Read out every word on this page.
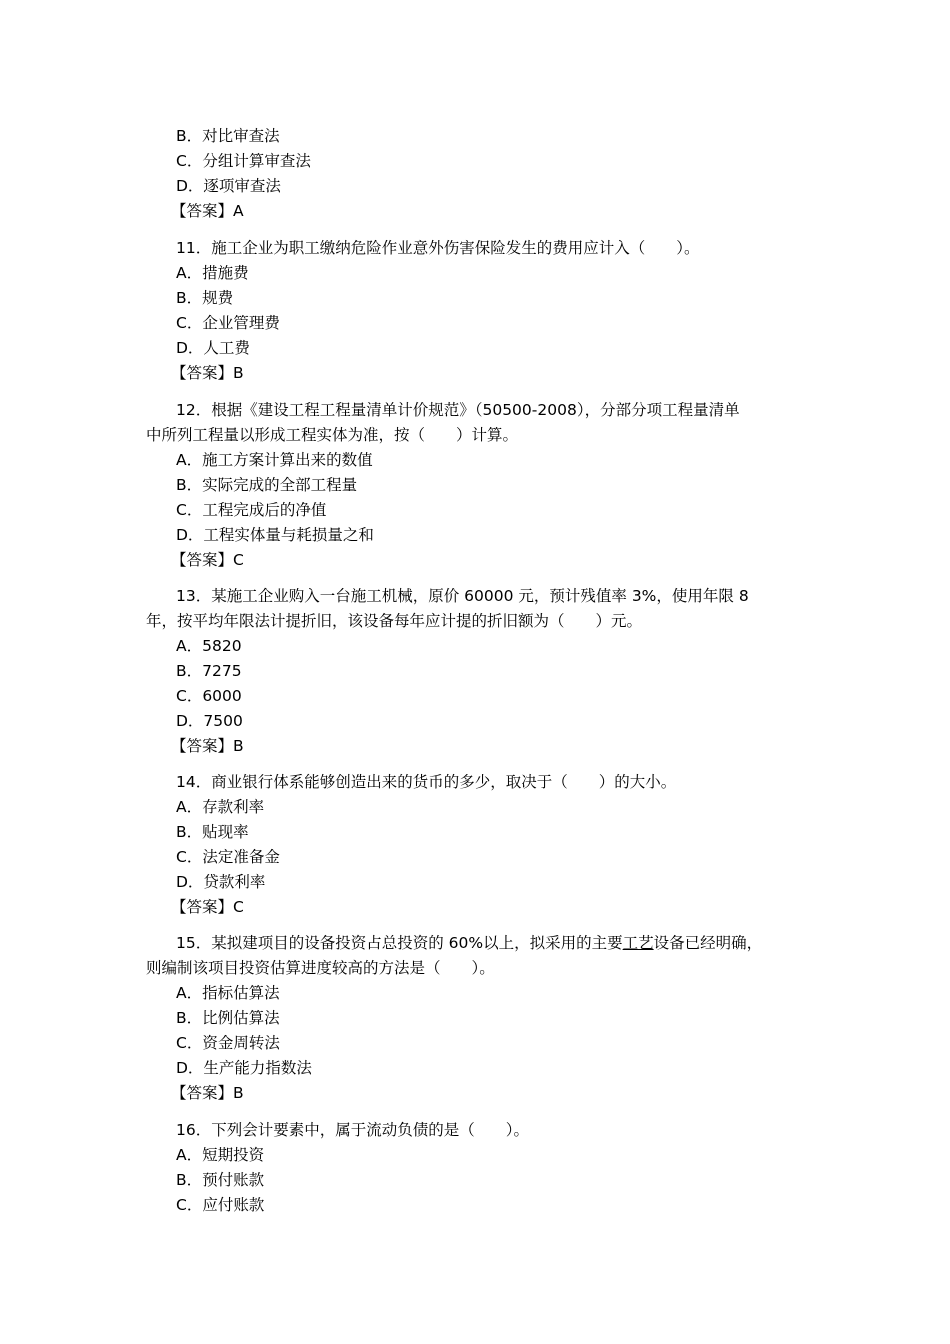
B．对比审查法
C．分组计算审查法
D．逐项审查法
【答案】A
11．施工企业为职工缴纳危险作业意外伤害保险发生的费用应计入（　　）。
A．措施费
B．规费
C．企业管理费
D．人工费
【答案】B
12．根据《建设工程工程量清单计价规范》（50500-2008），分部分项工程量清单
中所列工程量以形成工程实体为准，按（　　）计算。
A．施工方案计算出来的数值
B．实际完成的全部工程量
C．工程完成后的净值
D．工程实体量与耗损量之和
【答案】C
13．某施工企业购入一台施工机械，原价 60000 元，预计残值率 3%，使用年限 8
年，按平均年限法计提折旧，该设备每年应计提的折旧额为（　　）元。
A．5820
B．7275
C．6000
D．7500
【答案】B
14．商业银行体系能够创造出来的货币的多少，取决于（　　）的大小。
A．存款利率
B．贴现率
C．法定准备金
D．贷款利率
【答案】C
15．某拟建项目的设备投资占总投资的 60%以上，拟采用的主要工艺设备已经明确，
则编制该项目投资估算进度较高的方法是（　　）。
A．指标估算法
B．比例估算法
C．资金周转法
D．生产能力指数法
【答案】B
16．下列会计要素中，属于流动负债的是（　　）。
A．短期投资
B．预付账款
C．应付账款
